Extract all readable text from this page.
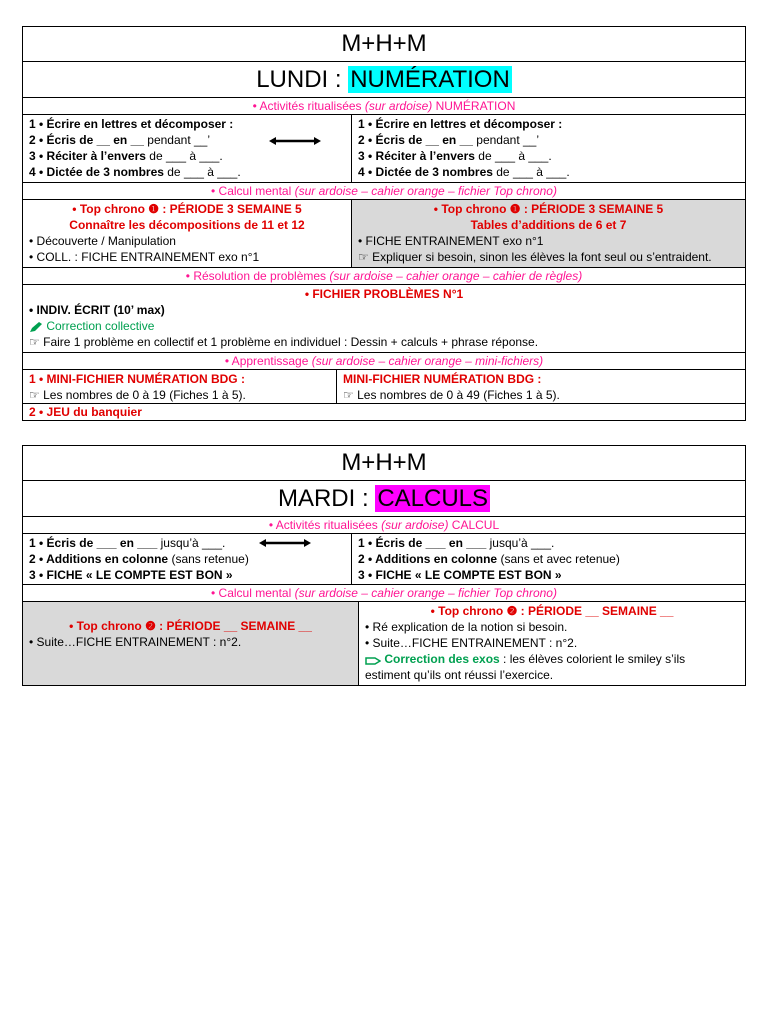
M+H+M
LUNDI : NUMÉRATION
• Activités ritualisées (sur ardoise) NUMÉRATION
1 • Écrire en lettres et décomposer :
2 • Écris de __ en __ pendant __’
3 • Réciter à l’envers de ___ à ___.
4 • Dictée de 3 nombres de ___ à ___.
1 • Écrire en lettres et décomposer :
2 • Écris de __ en __ pendant __’
3 • Réciter à l’envers de ___ à ___.
4 • Dictée de 3 nombres de ___ à ___.
• Calcul mental (sur ardoise – cahier orange – fichier Top chrono)
• Top chrono ❶ : PÉRIODE 3 SEMAINE 5
Connaître les décompositions de 11 et 12
• Découverte / Manipulation
• COLL. : FICHE ENTRAINEMENT exo n°1
• Top chrono ❶ : PÉRIODE 3 SEMAINE 5
Tables d’additions de 6 et 7
• FICHE ENTRAINEMENT exo n°1
☞ Expliquer si besoin, sinon les élèves la font seul ou s’entraident.
• Résolution de problèmes (sur ardoise – cahier orange – cahier de règles)
• FICHIER PROBLÈMES N°1
• INDIV. ÉCRIT (10’ max)
Correction collective
☞ Faire 1 problème en collectif et 1 problème en individuel : Dessin + calculs + phrase réponse.
• Apprentissage (sur ardoise – cahier orange – mini-fichiers)
1 • MINI-FICHIER NUMÉRATION BDG :
☞ Les nombres de 0 à 19 (Fiches 1 à 5).
MINI-FICHIER NUMÉRATION BDG :
☞ Les nombres de 0 à 49 (Fiches 1 à 5).
2 • JEU du banquier
M+H+M
MARDI : CALCULS
• Activités ritualisées (sur ardoise) CALCUL
1 • Écris de ___ en ___ jusqu’à ___.
2 • Additions en colonne (sans retenue)
3 • FICHE « LE COMPTE EST BON »
1 • Écris de ___ en ___ jusqu’à ___.
2 • Additions en colonne (sans et avec retenue)
3 • FICHE « LE COMPTE EST BON »
• Calcul mental (sur ardoise – cahier orange – fichier Top chrono)
• Top chrono ❷ : PÉRIODE __ SEMAINE __
• Suite…FICHE ENTRAINEMENT : n°2.
• Top chrono ❷ : PÉRIODE __ SEMAINE __
• Ré explication de la notion si besoin.
• Suite…FICHE ENTRAINEMENT : n°2.
Correction des exos : les élèves colorient le smiley s’ils
estiment qu’ils ont réussi l’exercice.
